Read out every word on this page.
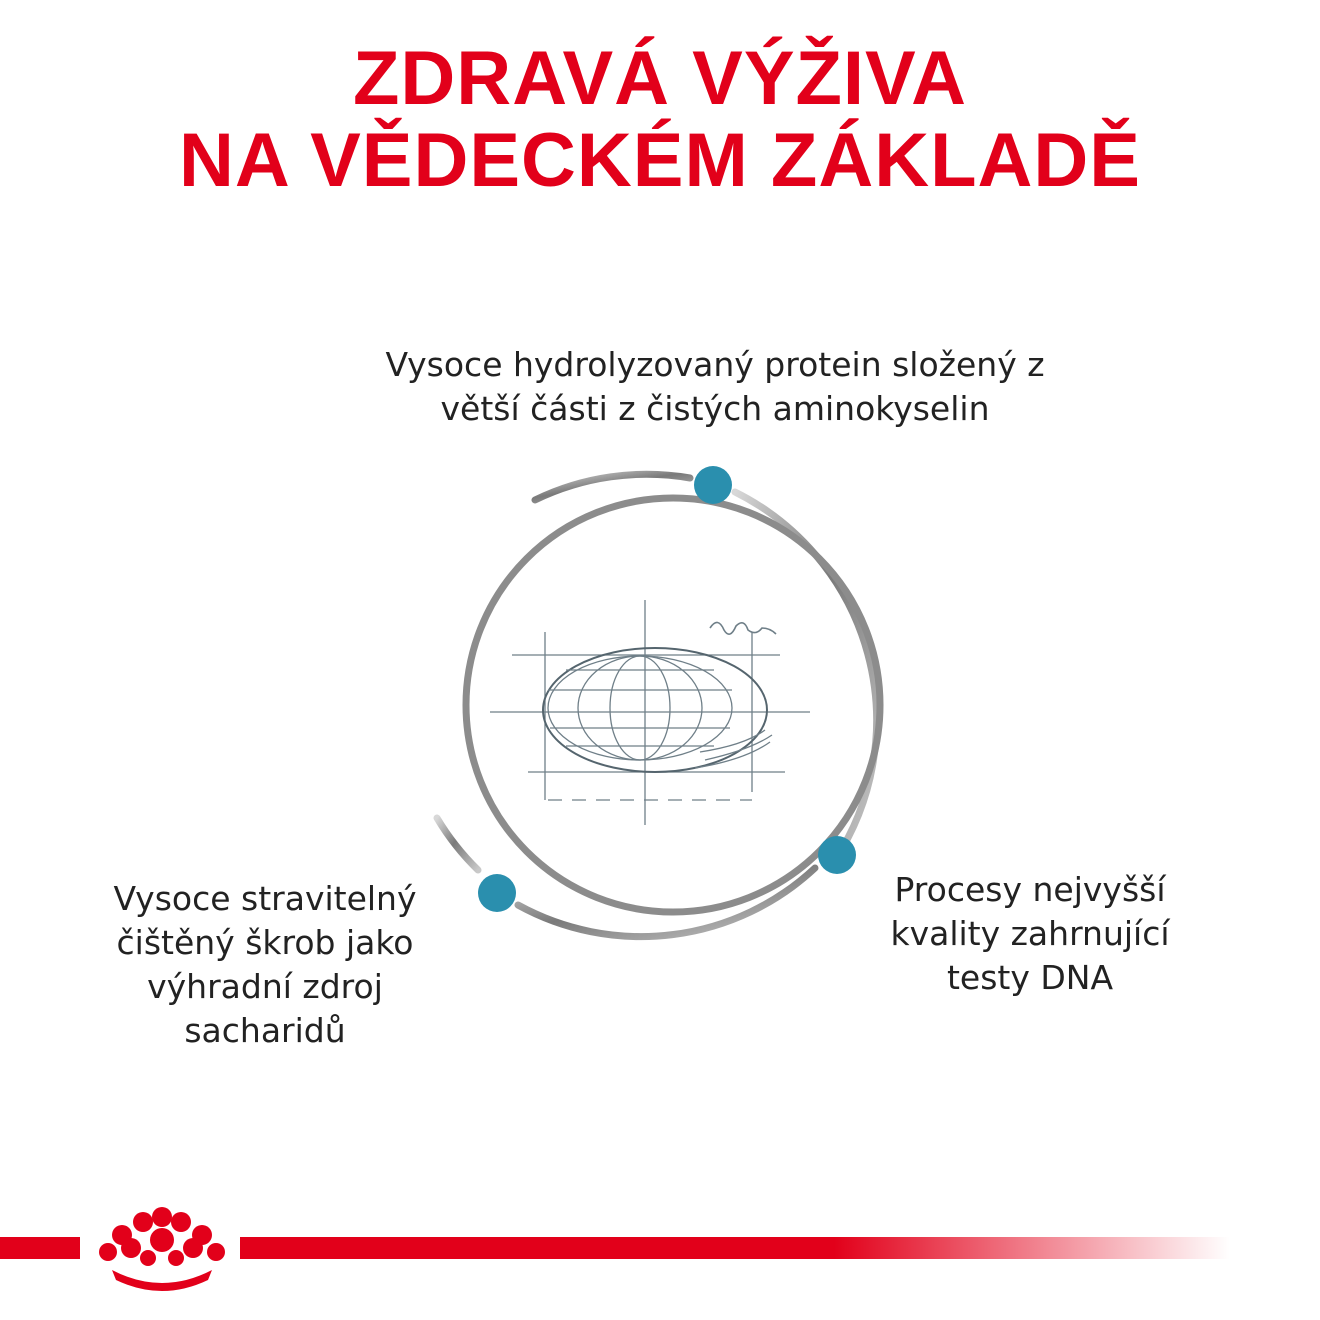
ZDRAVÁ VÝŽIVA
NA VĚDECKÉM ZÁKLADĚ
Vysoce hydrolyzovaný protein složený z
větší části z čistých aminokyselin
Vysoce stravitelný
čištěný škrob jako
výhradní zdroj
sacharidů
Procesy nejvyšší
kvality zahrnující
testy DNA
